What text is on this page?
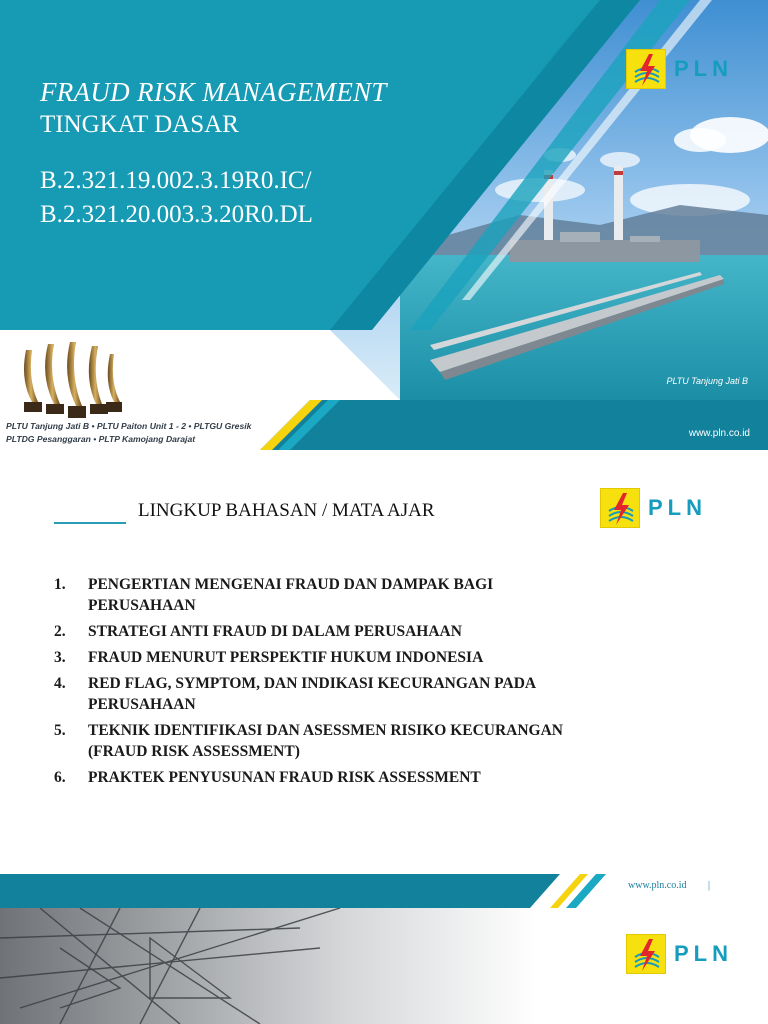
FRAUD RISK MANAGEMENT
TINGKAT DASAR
B.2.321.19.002.3.19R0.IC/
B.2.321.20.003.3.20R0.DL
PLN
PLTU Tanjung Jati B • PLTU Paiton Unit 1 - 2 • PLTGU Gresik
PLTDG Pesanggaran • PLTP Kamojang Darajat
PLTU Tanjung Jati B
www.pln.co.id
LINGKUP BAHASAN / MATA AJAR	PLN
1.	PENGERTIAN MENGENAI FRAUD DAN DAMPAK BAGI PERUSAHAAN
2.	STRATEGI ANTI FRAUD DI DALAM PERUSAHAAN
3.	FRAUD MENURUT PERSPEKTIF HUKUM INDONESIA
4.	RED FLAG, SYMPTOM, DAN INDIKASI KECURANGAN PADA PERUSAHAAN
5.	TEKNIK IDENTIFIKASI DAN ASESSMEN RISIKO KECURANGAN (FRAUD RISK ASSESSMENT)
6.	PRAKTEK PENYUSUNAN FRAUD RISK ASSESSMENT
www.pln.co.id |
PLN
